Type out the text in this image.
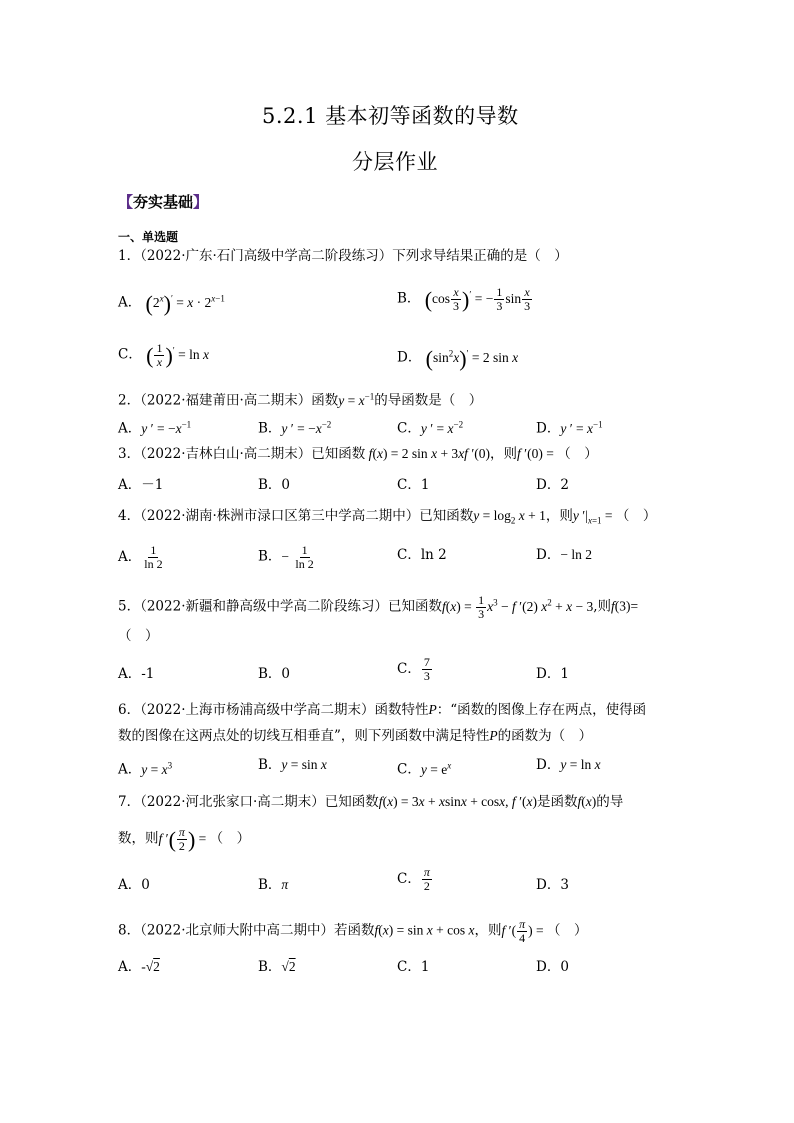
5.2.1 基本初等函数的导数
分层作业
【夯实基础】
一、单选题
1．（2022·广东·石门高级中学高二阶段练习）下列求导结果正确的是（　）
A． $(2^x)' = x \cdot 2^{x-1}$	B． $(\cos \frac{x}{3} )'$ = − $\frac{1}{3}$ $\sin \frac{x}{3}$
C． ( $\frac{1}{x} )' = \ln x$	D． $(\sin^2x)' = 2$ sin x
2．（2022·福建莆田·高二期末）函数$y = x^{-1}$的导函数是（　）
A．y ′ = $-x^{-1}$	B．y ′ = $-x^{-2}$	C．y ′ = $x^{-2}$	D．y ′ = $x^{-1}$
3．（2022·吉林白山·高二期末）已知函数 f(x) = 2 sin x + 3xf ′(0)，则f ′(0) = （　）
A．－1	B．0	C．1	D．2
4．（2022·湖南·株洲市渌口区第三中学高二期中）已知函数$y = \log_2 x + 1$，则y $'|_{x=1}$ = （　）
A． $\frac{1}{\ln 2}$	B．− $\frac{1}{\ln 2}$	C．ln 2	D．− ln 2
5．（2022·新疆和静高级中学高二阶段练习）已知函数$f(x) = \frac{1}{3} x^3 - f$ ′(2) $x^2 + x - 3$,则f(3)=
（　）
A．-1	B．0	C． $\frac{7}{3}$	D．1
6．（2022·上海市杨浦高级中学高二期末）函数特性P：“函数的图像上存在两点，使得函
数的图像在这两点处的切线互相垂直”，则下列函数中满足特性P的函数为（　）
A．$y = x^3$	B．y = sin x	C．$y = e^x$	D．y = ln x
7．（2022·河北张家口·高二期末）已知函数f(x) = 3x + xsinx + cosx, f ′(x)是函数f(x)的导
数，则f ′( $\frac{\pi}{2}$ ) = （　）
A．0	B．π	C． $\frac{\pi}{2}$	D．3
8．（2022·北京师大附中高二期中）若函数f(x) = sin x + cos x，则f ′( $\frac{\pi}{4}$ ) = （　）
A．-√2	B．√2	C．1	D．0
